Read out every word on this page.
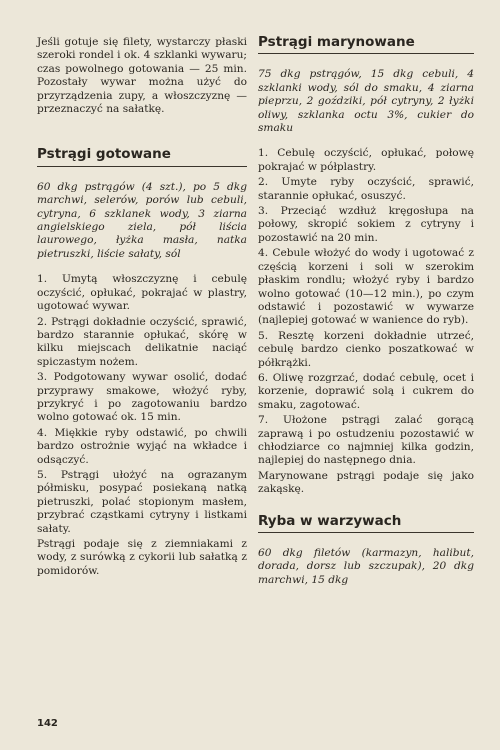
Jeśli gotuje się filety, wystarczy płaski szeroki rondel i ok. 4 szklanki wywaru; czas powolnego gotowania — 25 min. Pozostały wywar można użyć do przyrządzenia zupy, a włoszczyznę — przeznaczyć na sałatkę.

Pstrągi gotowane

60 dkg pstrągów (4 szt.), po 5 dkg marchwi, selerów, porów lub cebuli, cytryna, 6 szklanek wody, 3 ziarna angielskiego ziela, pół liścia laurowego, łyżka masła, natka pietruszki, liście sałaty, sól

1. Umytą włoszczyznę i cebulę oczyścić, opłukać, pokrajać w plastry, ugotować wywar.

2. Pstrągi dokładnie oczyścić, sprawić, bardzo starannie opłukać, skórę w kilku miejscach delikatnie naciąć spiczastym nożem.

3. Podgotowany wywar osolić, dodać przyprawy smakowe, włożyć ryby, przykryć i po zagotowaniu bardzo wolno gotować ok. 15 min.

4. Miękkie ryby odstawić, po chwili bardzo ostrożnie wyjąć na wkładce i odsączyć.

5. Pstrągi ułożyć na ograzanym półmisku, posypać posiekaną natką pietruszki, polać stopionym masłem, przybrać cząstkami cytryny i listkami sałaty.

Pstrągi podaje się z ziemniakami z wody, z surówką z cykorii lub sałatką z pomidorów.

Pstrągi marynowane

75 dkg pstrągów, 15 dkg cebuli, 4 szklanki wody, sól do smaku, 4 ziarna pieprzu, 2 goździki, pół cytryny, 2 łyżki oliwy, szklanka octu 3%, cukier do smaku

1. Cebulę oczyścić, opłukać, połowę pokrajać w półplastry.

2. Umyte ryby oczyścić, sprawić, starannie opłukać, osuszyć.

3. Przeciąć wzdłuż kręgosłupa na połowy, skropić sokiem z cytryny i pozostawić na 20 min.

4. Cebule włożyć do wody i ugotować z częścią korzeni i soli w szerokim płaskim rondlu; włożyć ryby i bardzo wolno gotować (10—12 min.), po czym odstawić i pozostawić w wywarze (najlepiej gotować w wanience do ryb).

5. Resztę korzeni dokładnie utrzeć, cebulę bardzo cienko poszatkować w półkrążki.

6. Oliwę rozgrzać, dodać cebulę, ocet i korzenie, doprawić solą i cukrem do smaku, zagotować.

7. Ułożone pstrągi zalać gorącą zaprawą i po ostudzeniu pozostawić w chłodziarce co najmniej kilka godzin, najlepiej do następnego dnia.

Marynowane pstrągi podaje się jako zakąskę.

Ryba w warzywach

60 dkg filetów (karmazyn, halibut, dorada, dorsz lub szczupak), 20 dkg marchwi, 15 dkg

142
